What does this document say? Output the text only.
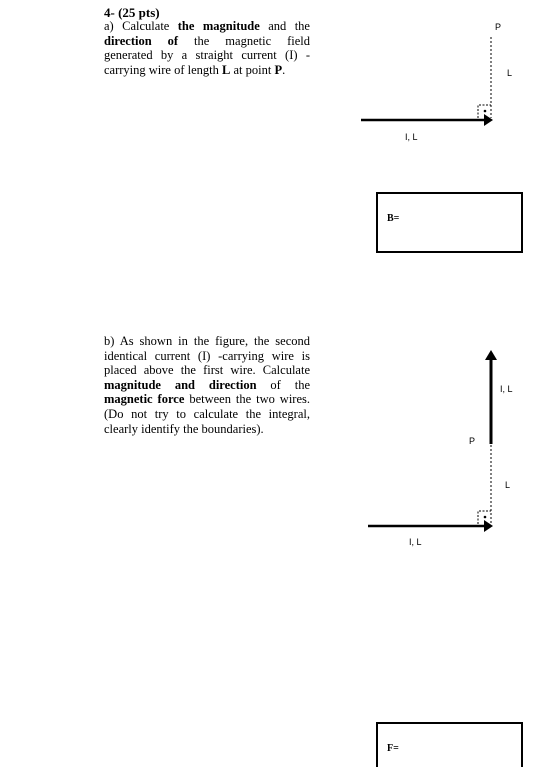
4- (25 pts)

a) Calculate the magnitude and the direction of the magnetic field generated by a straight current (I) -carrying wire of length L at point P.

b) As shown in the figure, the second identical current (I) -carrying wire is placed above the first wire. Calculate magnitude and direction of the magnetic force between the two wires. (Do not try to calculate the integral, clearly identify the boundaries).

P
L
I, L
I, L
P
L
I, L
B=
F=
